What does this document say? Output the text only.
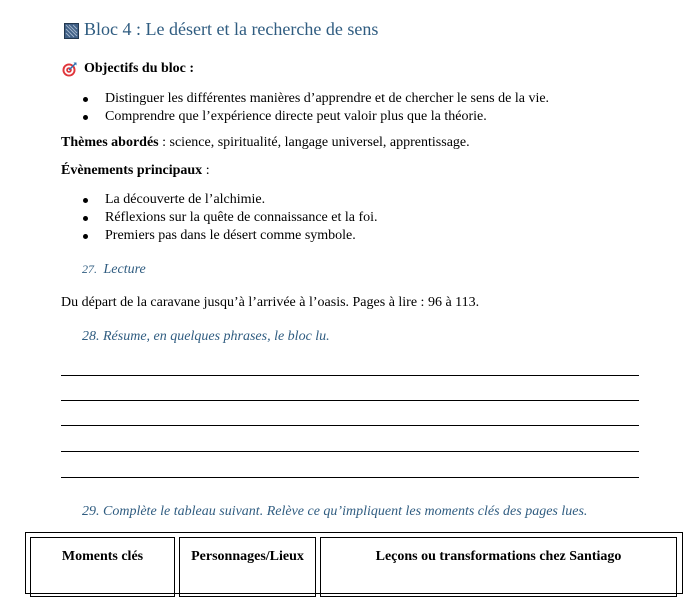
Bloc 4 : Le désert et la recherche de sens
Objectifs du bloc :
Distinguer les différentes manières d’apprendre et de chercher le sens de la vie.
Comprendre que l’expérience directe peut valoir plus que la théorie.
Thèmes abordés : science, spiritualité, langage universel, apprentissage.
Évènements principaux :
La découverte de l’alchimie.
Réflexions sur la quête de connaissance et la foi.
Premiers pas dans le désert comme symbole.
27. Lecture
Du départ de la caravane jusqu’à l’arrivée à l’oasis. Pages à lire : 96 à 113.
28. Résume, en quelques phrases, le bloc lu.
29. Complète le tableau suivant. Relève ce qu’impliquent les moments clés des pages lues.
Moments clés	Personnages/Lieux	Leçons ou transformations chez Santiago
